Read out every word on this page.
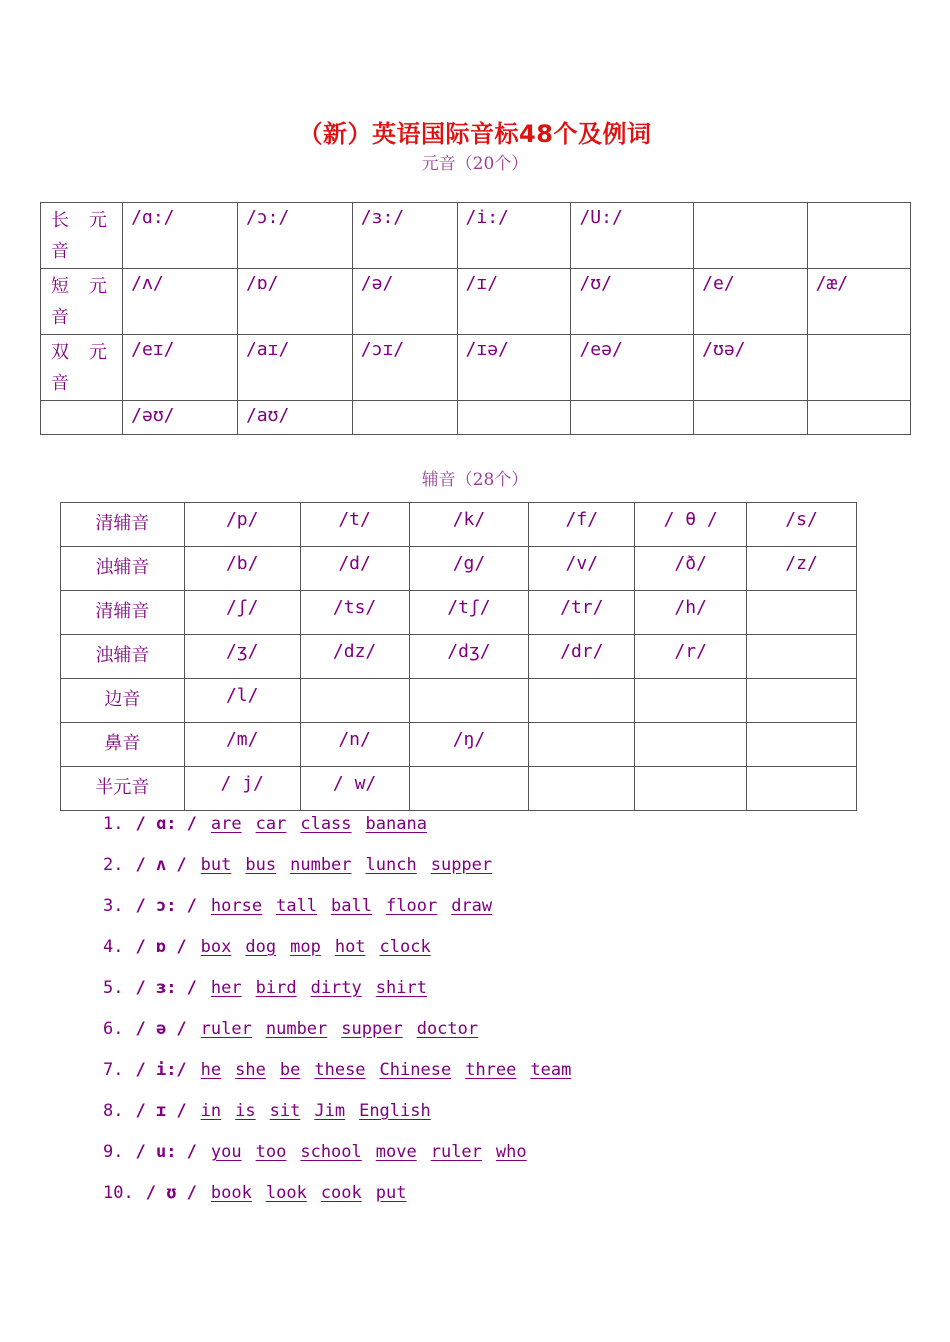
（新）英语国际音标48个及例词
元音（20个）
长 元音	/ɑ:/	/ɔ:/	/ɜ:/	/i:/	/U:/		
短 元音	/ʌ/	/ɒ/	/ə/	/ɪ/	/ʊ/	/e/	/æ/
双 元音	/eɪ/	/aɪ/	/ɔɪ/	/ɪə/	/eə/	/ʊə/	
	/əʊ/	/aʊ/					
辅音（28个）
清辅音	/p/	/t/	/k/	/f/	/ θ /	/s/
浊辅音	/b/	/d/	/g/	/v/	/ð/	/z/
清辅音	/ʃ/	/ts/	/tʃ/	/tr/	/h/	
浊辅音	/ʒ/	/dz/	/dʒ/	/dr/	/r/	
边音	/l/					
鼻音	/m/	/n/	/ŋ/			
半元音	/ j/	/ w/				
1. / ɑ: / are car class banana
2. / ʌ / but bus number lunch supper
3. / ɔ: / horse tall ball floor draw
4. / ɒ / box dog mop hot clock
5. / ɜ: / her bird dirty shirt
6. / ə / ruler number supper doctor
7. / i:/ he she be these Chinese three team
8. / ɪ / in is sit Jim English
9. / u: / you too school move ruler who
10. / ʊ / book look cook put
